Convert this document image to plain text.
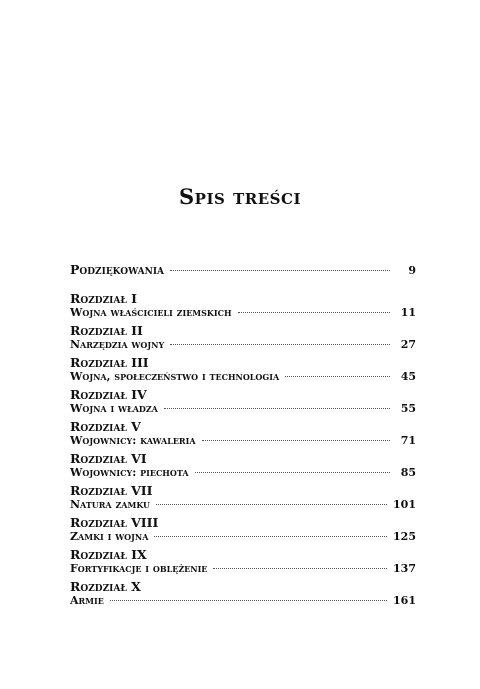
Spis treści
Podziękowania	9
Rozdział I
Wojna właścicieli ziemskich	11
Rozdział II
Narzędzia wojny	27
Rozdział III
Wojna, społeczeństwo i technologia	45
Rozdział IV
Wojna i władza	55
Rozdział V
Wojownicy: kawaleria	71
Rozdział VI
Wojownicy: piechota	85
Rozdział VII
Natura zamku	101
Rozdział VIII
Zamki i wojna	125
Rozdział IX
Fortyfikacje i oblężenie	137
Rozdział X
Armie	161
